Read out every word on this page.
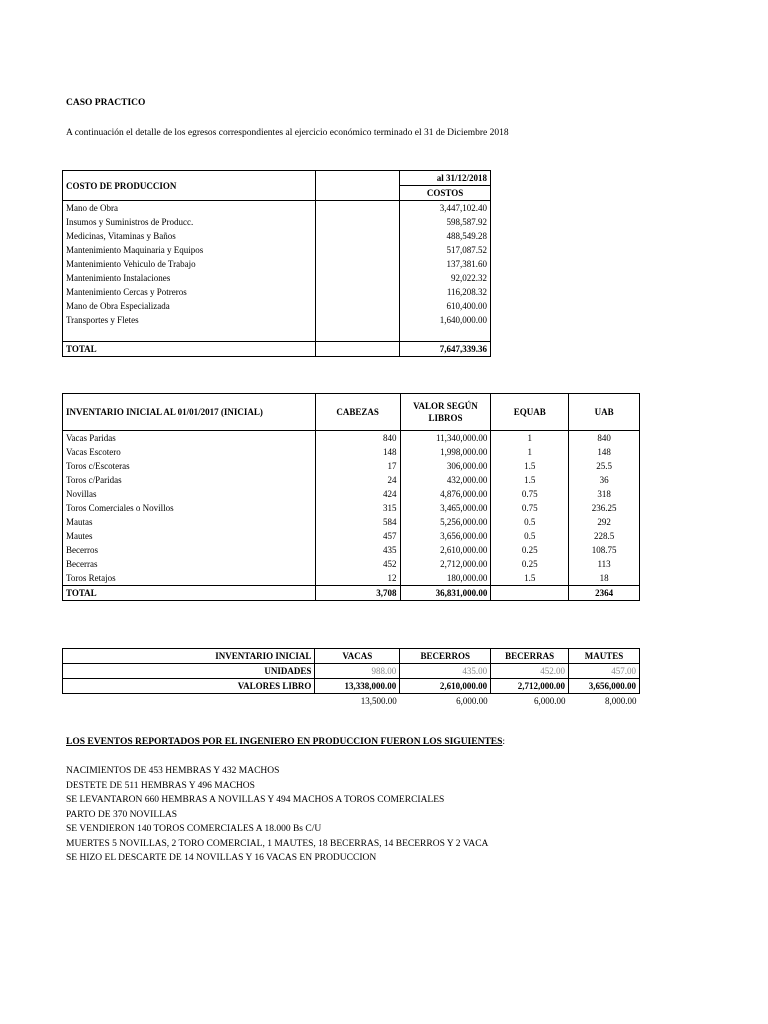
CASO PRACTICO
A continuación el detalle de los egresos correspondientes al ejercicio económico terminado el 31 de Diciembre 2018
COSTO DE PRODUCCION		al 31/12/2018
		COSTOS
Mano de Obra		3,447,102.40
Insumos y Suministros de Producc.		598,587.92
Medicinas, Vitaminas y Baños		488,549.28
Mantenimiento Maquinaria y Equipos		517,087.52
Mantenimiento Vehiculo de Trabajo		137,381.60
Mantenimiento Instalaciones		92,022.32
Mantenimiento Cercas y Potreros		116,208.32
Mano de Obra Especializada		610,400.00
Transportes y Fletes		1,640,000.00

TOTAL		7,647,339.36
INVENTARIO INICIAL AL 01/01/2017 (INICIAL)	CABEZAS	VALOR SEGÚN LIBROS	EQUAB	UAB
Vacas Paridas	840	11,340,000.00	1	840
Vacas Escotero	148	1,998,000.00	1	148
Toros c/Escoteras	17	306,000.00	1.5	25.5
Toros c/Paridas	24	432,000.00	1.5	36
Novillas	424	4,876,000.00	0.75	318
Toros Comerciales o Novillos	315	3,465,000.00	0.75	236.25
Mautas	584	5,256,000.00	0.5	292
Mautes	457	3,656,000.00	0.5	228.5
Becerros	435	2,610,000.00	0.25	108.75
Becerras	452	2,712,000.00	0.25	113
Toros Retajos	12	180,000.00	1.5	18
TOTAL	3,708	36,831,000.00		2364
INVENTARIO INICIAL	VACAS	BECERROS	BECERRAS	MAUTES
UNIDADES	988.00	435.00	452.00	457.00
VALORES LIBRO	13,338,000.00	2,610,000.00	2,712,000.00	3,656,000.00
	13,500.00	6,000.00	6,000.00	8,000.00
LOS EVENTOS REPORTADOS POR EL INGENIERO EN PRODUCCION FUERON LOS SIGUIENTES:
NACIMIENTOS DE 453 HEMBRAS Y 432 MACHOS
DESTETE DE 511 HEMBRAS Y 496 MACHOS
SE LEVANTARON 660 HEMBRAS A NOVILLAS Y 494 MACHOS A TOROS COMERCIALES
PARTO DE 370 NOVILLAS
SE VENDIERON 140 TOROS COMERCIALES A 18.000 Bs C/U
MUERTES 5 NOVILLAS, 2 TORO COMERCIAL, 1 MAUTES, 18 BECERRAS, 14 BECERROS Y 2 VACA
SE HIZO EL DESCARTE DE 14 NOVILLAS Y 16 VACAS EN PRODUCCION
